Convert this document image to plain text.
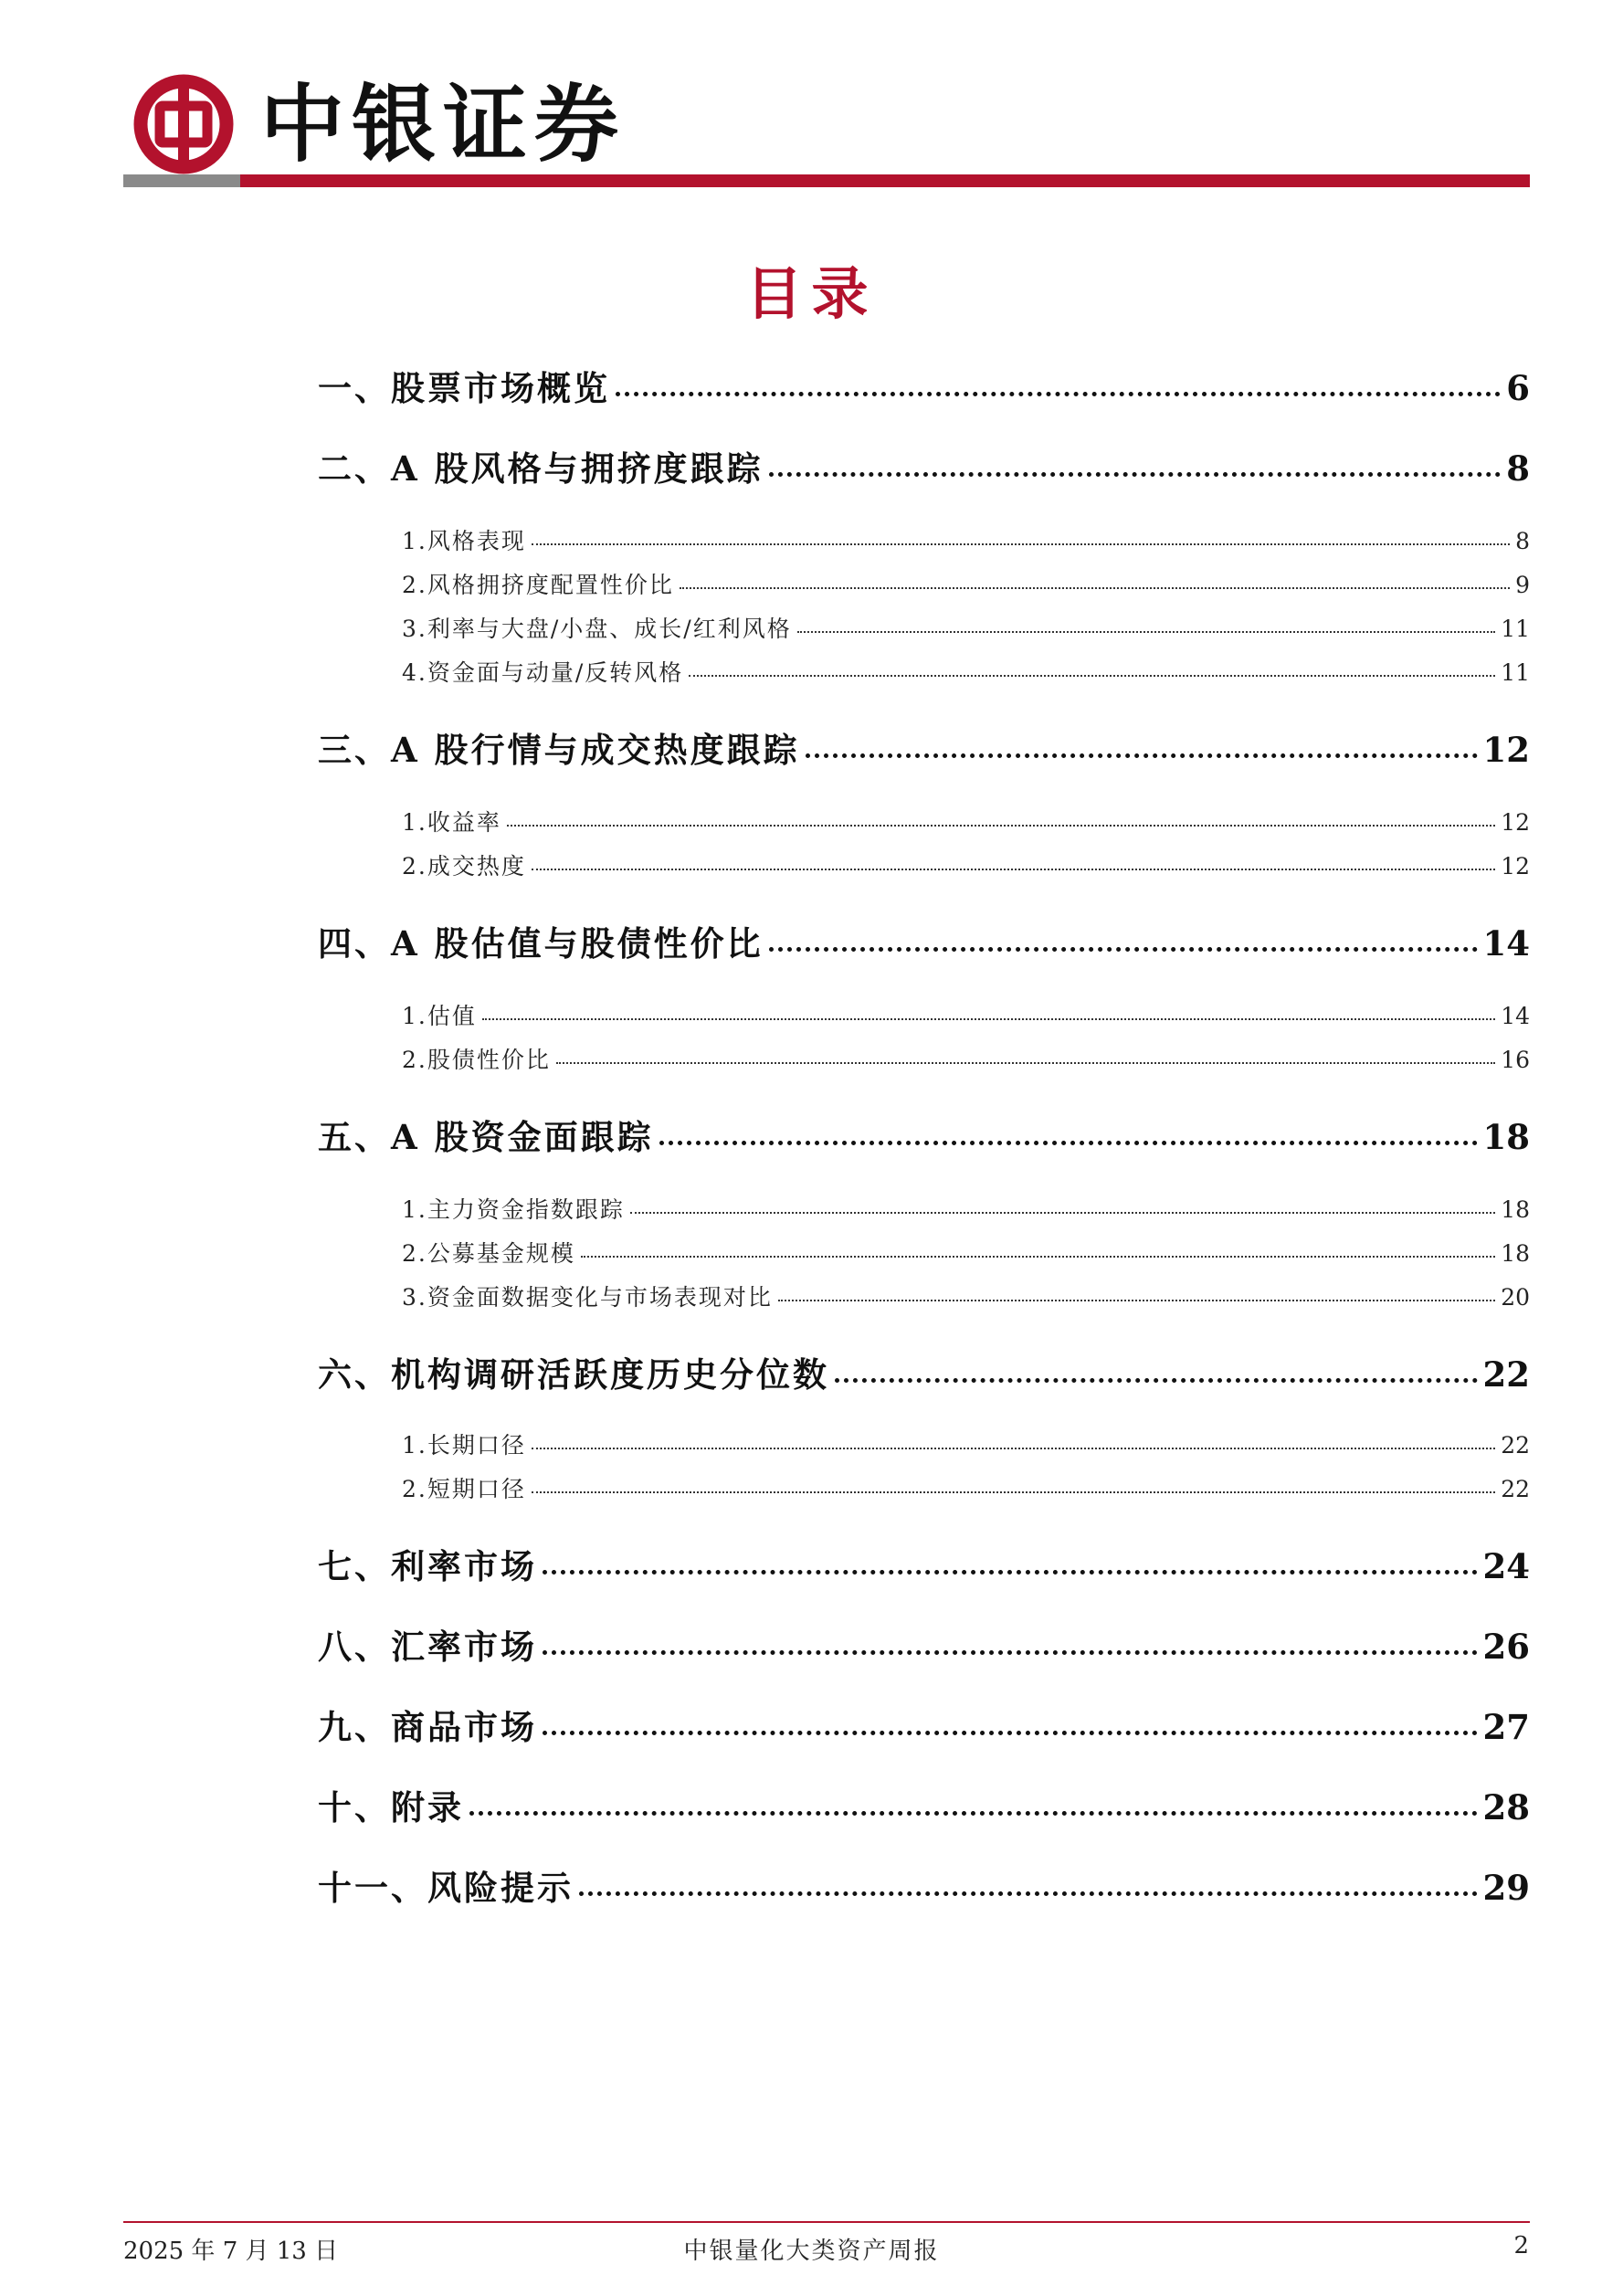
中银证券
目录
一、股票市场概览	6
二、A 股风格与拥挤度跟踪	8
1.风格表现	8
2.风格拥挤度配置性价比	9
3.利率与大盘/小盘、成长/红利风格	11
4.资金面与动量/反转风格	11
三、A 股行情与成交热度跟踪	12
1.收益率	12
2.成交热度	12
四、A 股估值与股债性价比	14
1.估值	14
2.股债性价比	16
五、A 股资金面跟踪	18
1.主力资金指数跟踪	18
2.公募基金规模	18
3.资金面数据变化与市场表现对比	20
六、机构调研活跃度历史分位数	22
1.长期口径	22
2.短期口径	22
七、利率市场	24
八、汇率市场	26
九、商品市场	27
十、附录	28
十一、风险提示	29
2025 年 7 月 13 日	中银量化大类资产周报	2
